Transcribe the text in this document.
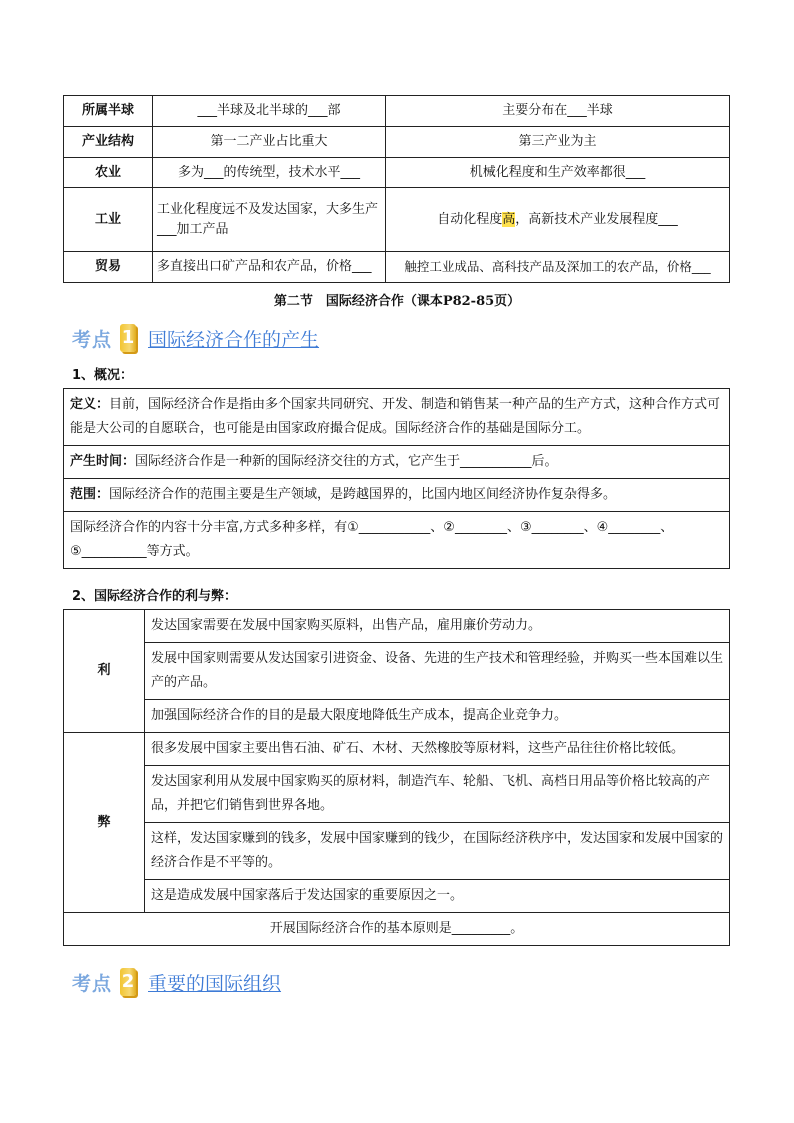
所属半球	___半球及北半球的___部	主要分布在___半球
产业结构	第一二产业占比重大	第三产业为主
农业	多为___的传统型，技术水平___	机械化程度和生产效率都很___
工业	工业化程度远不及发达国家，大多生产___加工产品	自动化程度高，高新技术产业发展程度___
贸易	多直接出口矿产品和农产品，价格___	触控工业成品、高科技产品及深加工的农产品，价格___
第二节　国际经济合作（课本P82-85页）
考点 1 国际经济合作的产生
1、概况：
定义：目前，国际经济合作是指由多个国家共同研究、开发、制造和销售某一种产品的生产方式，这种合作方式可能是大公司的自愿联合，也可能是由国家政府撮合促成。国际经济合作的基础是国际分工。
产生时间：国际经济合作是一种新的国际经济交往的方式，它产生于___________后。
范围：国际经济合作的范围主要是生产领域，是跨越国界的，比国内地区间经济协作复杂得多。
国际经济合作的内容十分丰富,方式多种多样，有①___________、②________、③________、④________、⑤__________等方式。
2、国际经济合作的利与弊：
利	发达国家需要在发展中国家购买原料，出售产品，雇用廉价劳动力。
	发展中国家则需要从发达国家引进资金、设备、先进的生产技术和管理经验，并购买一些本国难以生产的产品。
	加强国际经济合作的目的是最大限度地降低生产成本，提高企业竞争力。
弊	很多发展中国家主要出售石油、矿石、木材、天然橡胶等原材料，这些产品往往价格比较低。
	发达国家利用从发展中国家购买的原材料，制造汽车、轮船、飞机、高档日用品等价格比较高的产品，并把它们销售到世界各地。
	这样，发达国家赚到的钱多，发展中国家赚到的钱少，在国际经济秩序中，发达国家和发展中国家的经济合作是不平等的。
	这是造成发展中国家落后于发达国家的重要原因之一。
开展国际经济合作的基本原则是_________。	
考点 2 重要的国际组织
